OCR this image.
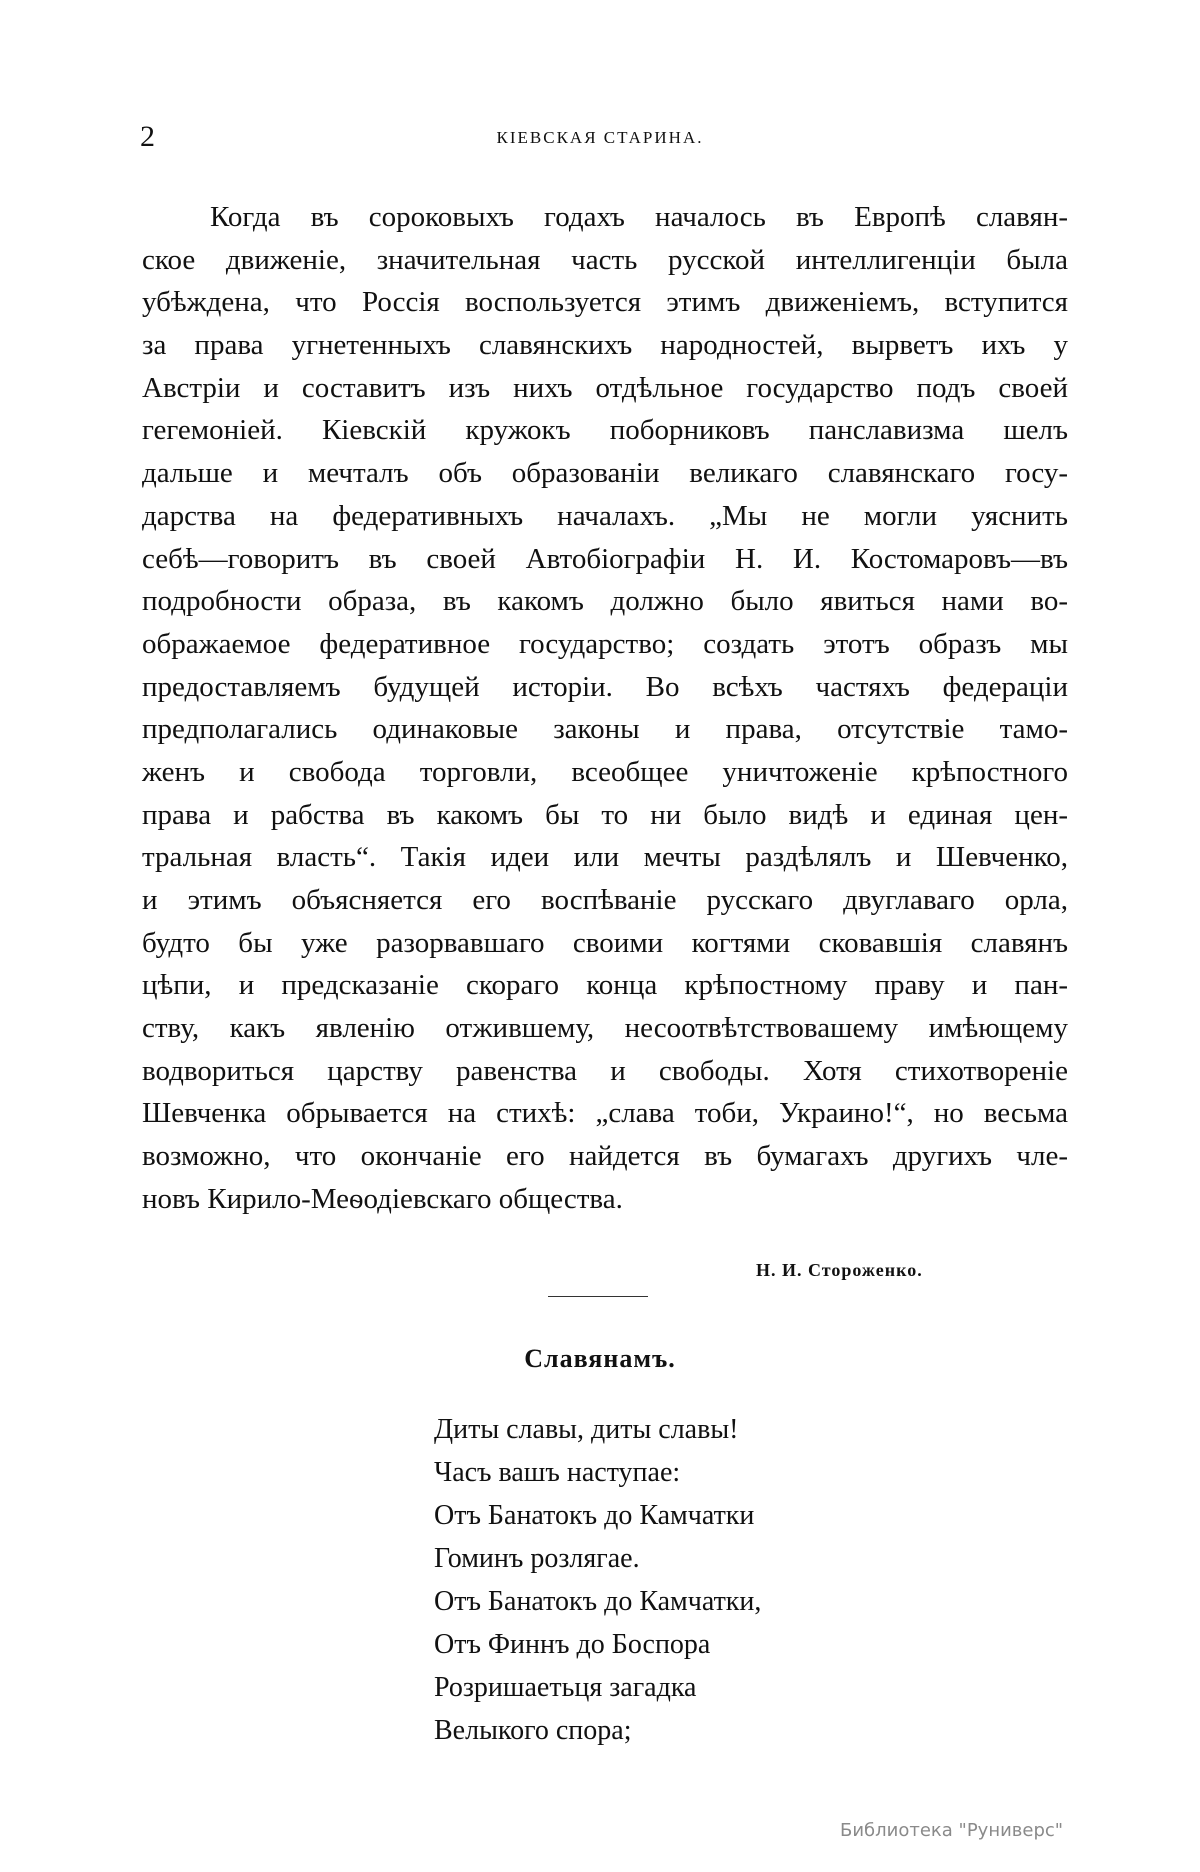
2	КІЕВСКАЯ СТАРИНА.
Когда въ сороковыхъ годахъ началось въ Европѣ славян-
ское движеніе, значительная часть русской интеллигенціи была
убѣждена, что Россія воспользуется этимъ движеніемъ, вступится
за права угнетенныхъ славянскихъ народностей, вырветъ ихъ у
Австріи и составитъ изъ нихъ отдѣльное государство подъ своей
гегемоніей. Кіевскій кружокъ поборниковъ панславизма шелъ
дальше и мечталъ объ образованіи великаго славянскаго госу-
дарства на федеративныхъ началахъ. „Мы не могли уяснить
себѣ—говоритъ въ своей Автобіографіи Н. И. Костомаровъ—въ
подробности образа, въ какомъ должно было явиться нами во-
ображаемое федеративное государство; создать этотъ образъ мы
предоставляемъ будущей исторіи. Во всѣхъ частяхъ федераціи
предполагались одинаковые законы и права, отсутствіе тамо-
женъ и свобода торговли, всеобщее уничтоженіе крѣпостного
права и рабства въ какомъ бы то ни было видѣ и единая цен-
тральная власть“. Такія идеи или мечты раздѣлялъ и Шевченко,
и этимъ объясняется его воспѣваніе русскаго двуглаваго орла,
будто бы уже разорвавшаго своими когтями сковавшія славянъ
цѣпи, и предсказаніе скораго конца крѣпостному праву и пан-
ству, какъ явленію отжившему, несоотвѣтствовашему имѣющему
водвориться царству равенства и свободы. Хотя стихотвореніе
Шевченка обрывается на стихѣ: „слава тоби, Украино!“, но весьма
возможно, что окончаніе его найдется въ бумагахъ другихъ чле-
новъ Кирило-Меѳодіевскаго общества.
Н. И. Стороженко.
Славянамъ.
Диты славы, диты славы!
Часъ вашъ наступае:
Отъ Банатокъ до Камчатки
Гоминъ розлягае.
Отъ Банатокъ до Камчатки,
Отъ Финнъ до Боспора
Розришаетьця загадка
Велыкого спора;
Библиотека "Руниверс"
